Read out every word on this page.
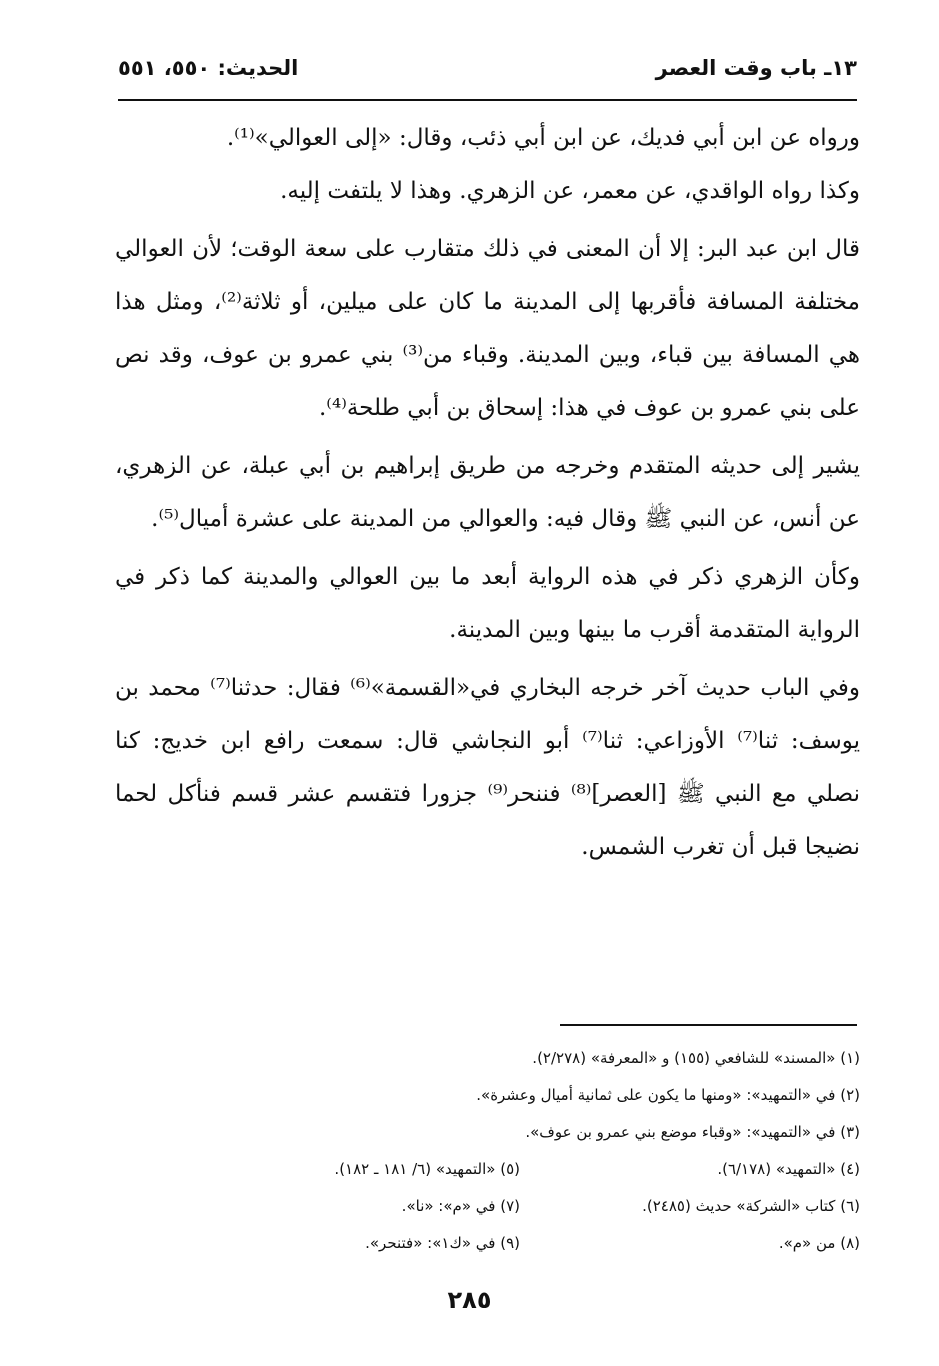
١٣ـ باب وقت العصر
الحديث: ٥٥٠، ٥٥١

ورواه عن ابن أبي فديك، عن ابن أبي ذئب، وقال: «إلى العوالي»⁽¹⁾.

وكذا رواه الواقدي، عن معمر، عن الزهري. وهذا لا يلتفت إليه.

قال ابن عبد البر: إلا أن المعنى في ذلك متقارب على سعة الوقت؛ لأن العوالي مختلفة المسافة فأقربها إلى المدينة ما كان على ميلين، أو ثلاثة⁽²⁾، ومثل هذا هي المسافة بين قباء، وبين المدينة. وقباء من⁽³⁾ بني عمرو بن عوف، وقد نص على بني عمرو بن عوف في هذا: إسحاق بن أبي طلحة⁽⁴⁾.

يشير إلى حديثه المتقدم وخرجه من طريق إبراهيم بن أبي عبلة، عن الزهري، عن أنس، عن النبي ﷺ وقال فيه: والعوالي من المدينة على عشرة أميال⁽⁵⁾.

وكأن الزهري ذكر في هذه الرواية أبعد ما بين العوالي والمدينة كما ذكر في الرواية المتقدمة أقرب ما بينها وبين المدينة.

وفي الباب حديث آخر خرجه البخاري في«القسمة»⁽⁶⁾ فقال: حدثنا⁽⁷⁾ محمد بن يوسف: ثنا⁽⁷⁾ الأوزاعي: ثنا⁽⁷⁾ أبو النجاشي قال: سمعت رافع ابن خديج: كنا نصلي مع النبي ﷺ [العصر]⁽⁸⁾ فننحر⁽⁹⁾ جزورا فتقسم عشر قسم فنأكل لحما نضيجا قبل أن تغرب الشمس.

(١) «المسند» للشافعي (١٥٥) و «المعرفة» (٢/٢٧٨).
(٢) في «التمهيد»: «ومنها ما يكون على ثمانية أميال وعشرة».
(٣) في «التمهيد»: «وقباء موضع بني عمرو بن عوف».
(٤) «التمهيد» (٦/١٧٨).
(٥) «التمهيد» (٦/ ١٨١ ـ ١٨٢).
(٦) كتاب «الشركة» حديث (٢٤٨٥).
(٧) في «م»: «نا».
(٨) من «م».
(٩) في «ك١»: «فتنحر».
٢٨٥
